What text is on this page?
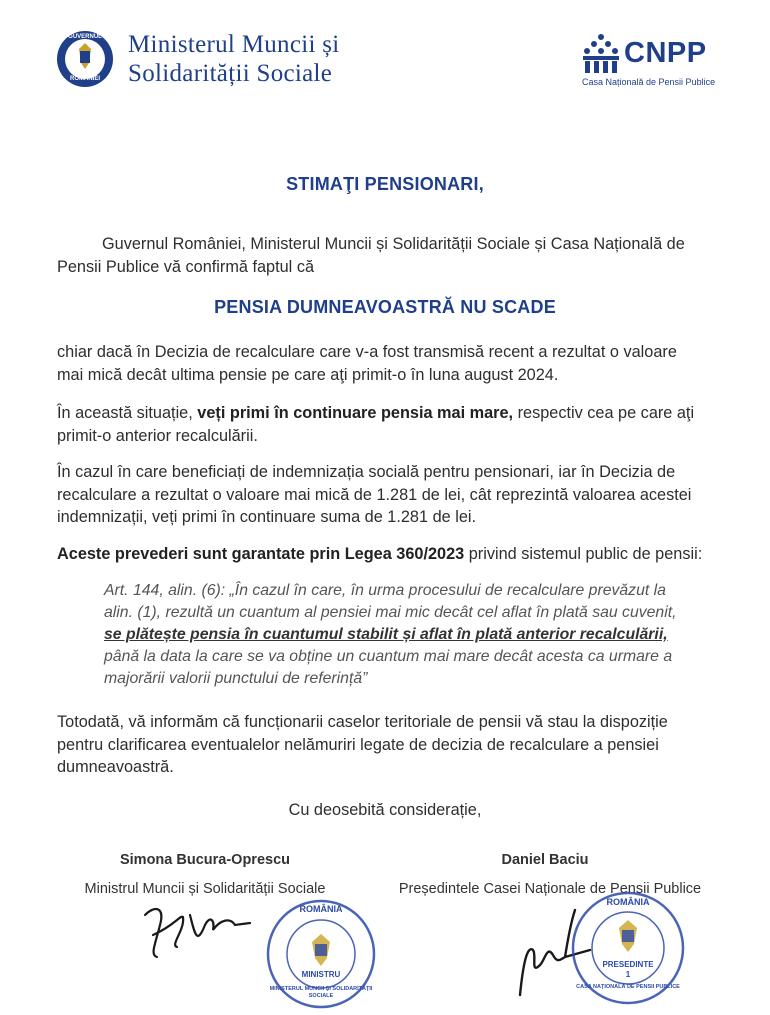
GUVERNUL
ROMÂNIEI
Ministerul Muncii și
Solidarității Sociale
CNPP
Casa Națională de Pensii Publice
STIMAŢI PENSIONARI,
Guvernul României, Ministerul Muncii și Solidarității Sociale și Casa Națională de
Pensii Publice vă confirmă faptul că
PENSIA DUMNEAVOASTRĂ NU SCADE
chiar dacă în Decizia de recalculare care v-a fost transmisă recent a rezultat o valoare
mai mică decât ultima pensie pe care aţi primit-o în luna august 2024.
În această situație, veți primi în continuare pensia mai mare, respectiv cea pe care aţi
primit-o anterior recalculării.
În cazul în care beneficiați de indemnizația socială pentru pensionari, iar în Decizia de
recalculare a rezultat o valoare mai mică de 1.281 de lei, cât reprezintă valoarea acestei
indemnizații, veți primi în continuare suma de 1.281 de lei.
Aceste prevederi sunt garantate prin Legea 360/2023 privind sistemul public de pensii:
Art. 144, alin. (6): „În cazul în care, în urma procesului de recalculare prevăzut la
alin. (1), rezultă un cuantum al pensiei mai mic decât cel aflat în plată sau cuvenit,
se plătește pensia în cuantumul stabilit și aflat în plată anterior recalculării,
până la data la care se va obține un cuantum mai mare decât acesta ca urmare a
majorării valorii punctului de referință”
Totodată, vă informăm că funcționarii caselor teritoriale de pensii vă stau la dispoziție
pentru clarificarea eventualelor nelămuriri legate de decizia de recalculare a pensiei
dumneavoastră.
Cu deosebită considerație,
Simona Bucura-Oprescu
Ministrul Muncii și Solidarității Sociale
ROMÂNIA
MINISTERUL MUNCII ŞI SOLIDARITĂŢII SOCIALE
MINISTRU
Daniel Baciu
Președintele Casei Naționale de Pensii Publice
ROMÂNIA
PRESEDINTE
1
CASA NAŢIONALĂ DE PENSII PUBLICE
